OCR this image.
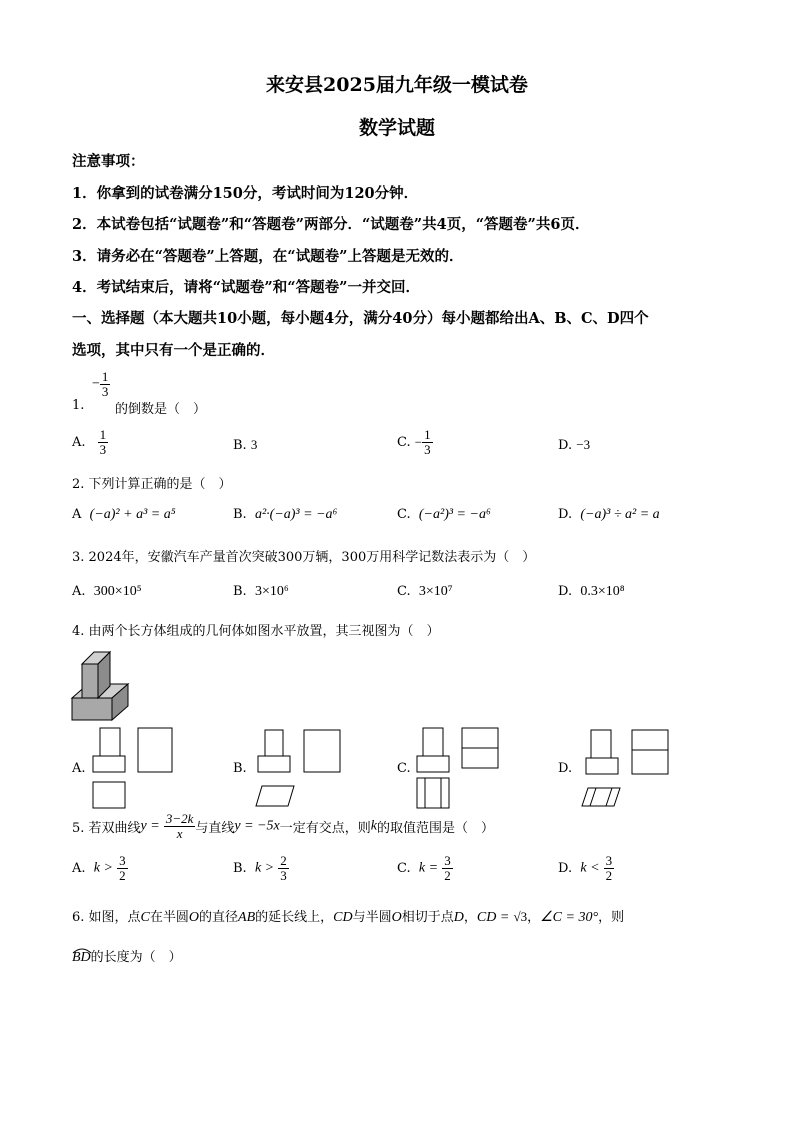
来安县2025届九年级一模试卷
数学试题
注意事项：
1．你拿到的试卷满分150分，考试时间为120分钟．
2．本试卷包括“试题卷”和“答题卷”两部分．“试题卷”共4页，“答题卷”共6页．
3．请务必在“答题卷”上答题，在“试题卷”上答题是无效的．
4．考试结束后，请将“试题卷”和“答题卷”一并交回．
一、选择题（本大题共10小题，每小题4分，满分40分）每小题都给出A、B、C、D四个
选项，其中只有一个是正确的．
− $\frac{1}{3}$
1. 的倒数是（　）
A. $\frac{1}{3}$	B. 3	C. − $\frac{1}{3}$	D. −3
2. 下列计算正确的是（　）
A (−a)² + a³ = a⁵	B. a²·(−a)³ = −a⁶	C. (−a²)³ = −a⁶	D. (−a)³ ÷ a² = a
3. 2024年，安徽汽车产量首次突破300万辆，300万用科学记数法表示为（　）
A. 300×10⁵	B. 3×10⁶	C. 3×10⁷	D. 0.3×10⁸
4. 由两个长方体组成的几何体如图水平放置，其三视图为（　）
A.	B.	C.	D.
5. 若双曲线$y = \frac{3-2k}{x}$ 与直线y = −5x一定有交点，则k的取值范围是（　）
A. $k > \frac{3}{2}$	B. $k > \frac{2}{3}$	C. $k = \frac{3}{2}$	D. $k < \frac{3}{2}$
6. 如图，点C在半圆O的直径AB的延长线上，CD与半圆O相切于点D，CD = √3，∠C = 30°，则
BD
的长度为（　）
